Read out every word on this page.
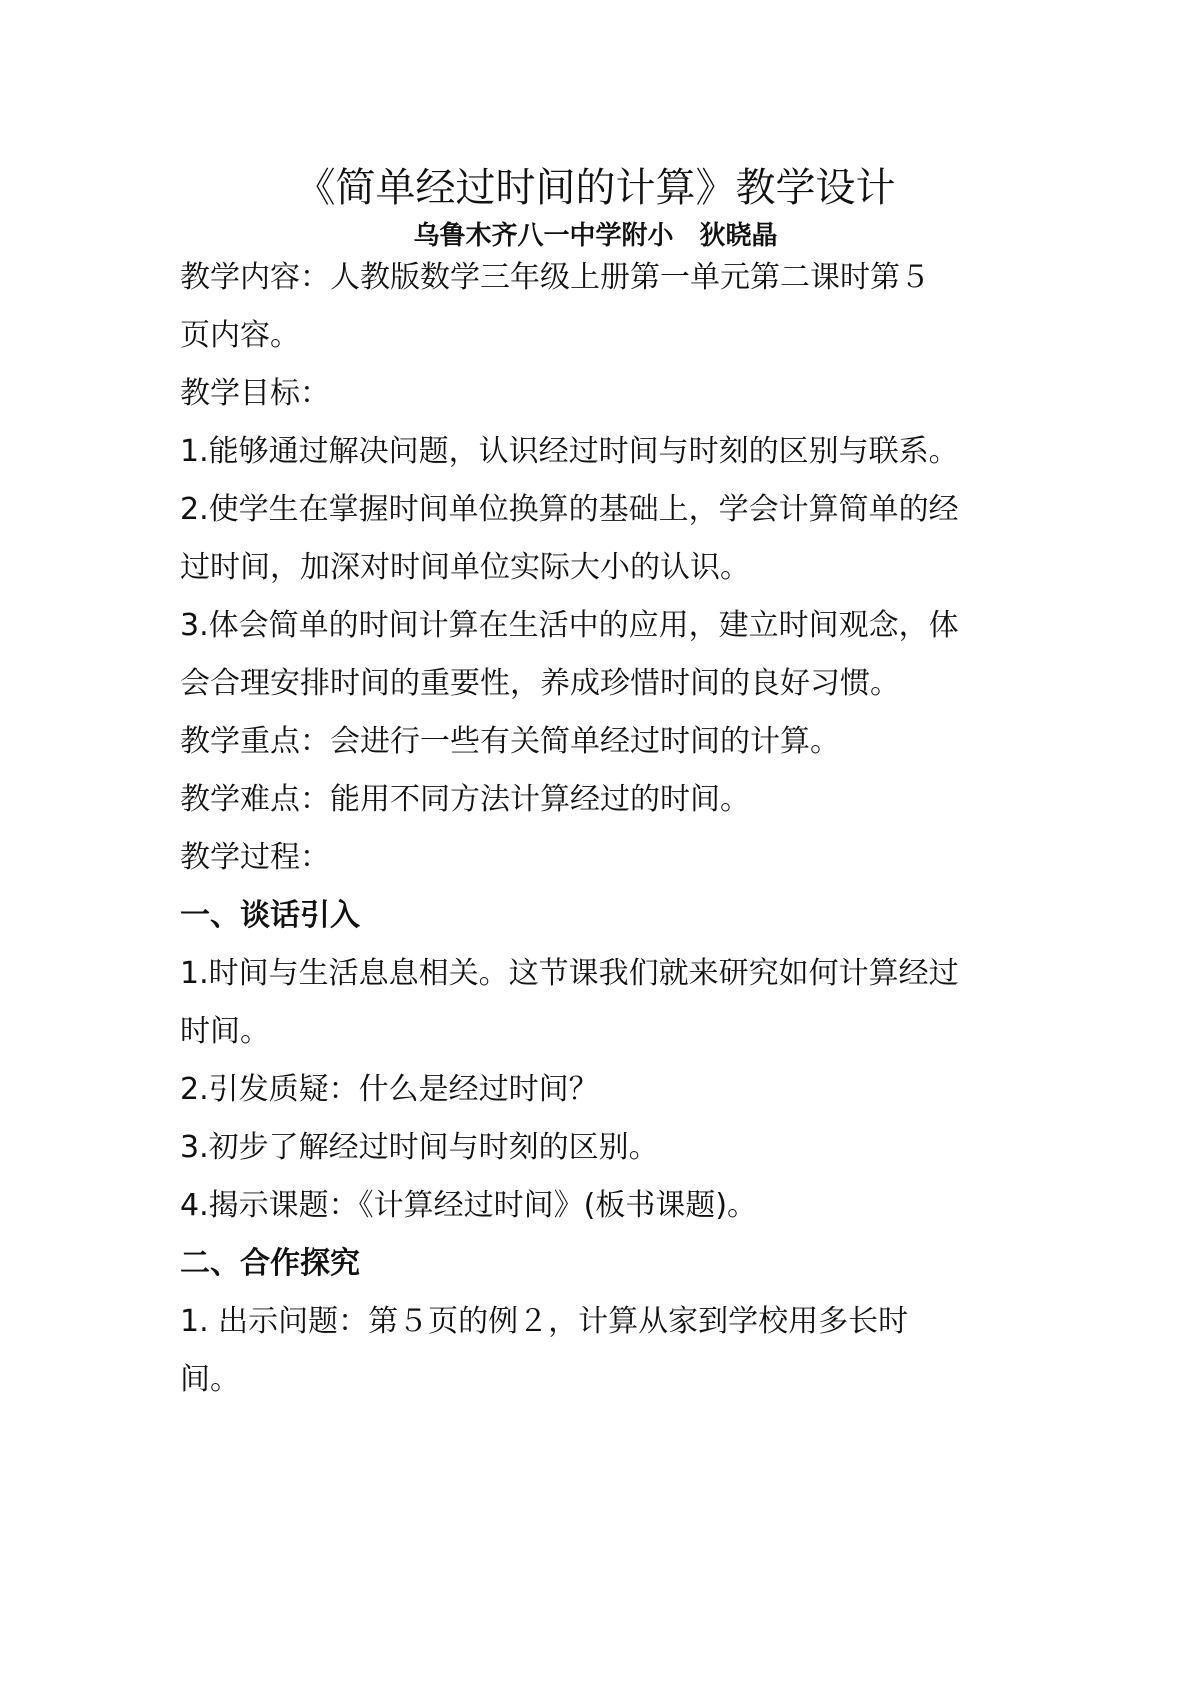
《简单经过时间的计算》教学设计
乌鲁木齐八一中学附小　狄晓晶
教学内容：人教版数学三年级上册第一单元第二课时第５
页内容。
教学目标：
1.能够通过解决问题，认识经过时间与时刻的区别与联系。
2.使学生在掌握时间单位换算的基础上，学会计算简单的经
过时间，加深对时间单位实际大小的认识。
3.体会简单的时间计算在生活中的应用，建立时间观念，体
会合理安排时间的重要性，养成珍惜时间的良好习惯。
教学重点：会进行一些有关简单经过时间的计算。
教学难点：能用不同方法计算经过的时间。
教学过程：
一、谈话引入
1.时间与生活息息相关。这节课我们就来研究如何计算经过
时间。
2.引发质疑：什么是经过时间？
3.初步了解经过时间与时刻的区别。
4.揭示课题：《计算经过时间》(板书课题)。
二、合作探究
1. 出示问题：第５页的例２，计算从家到学校用多长时
间。
